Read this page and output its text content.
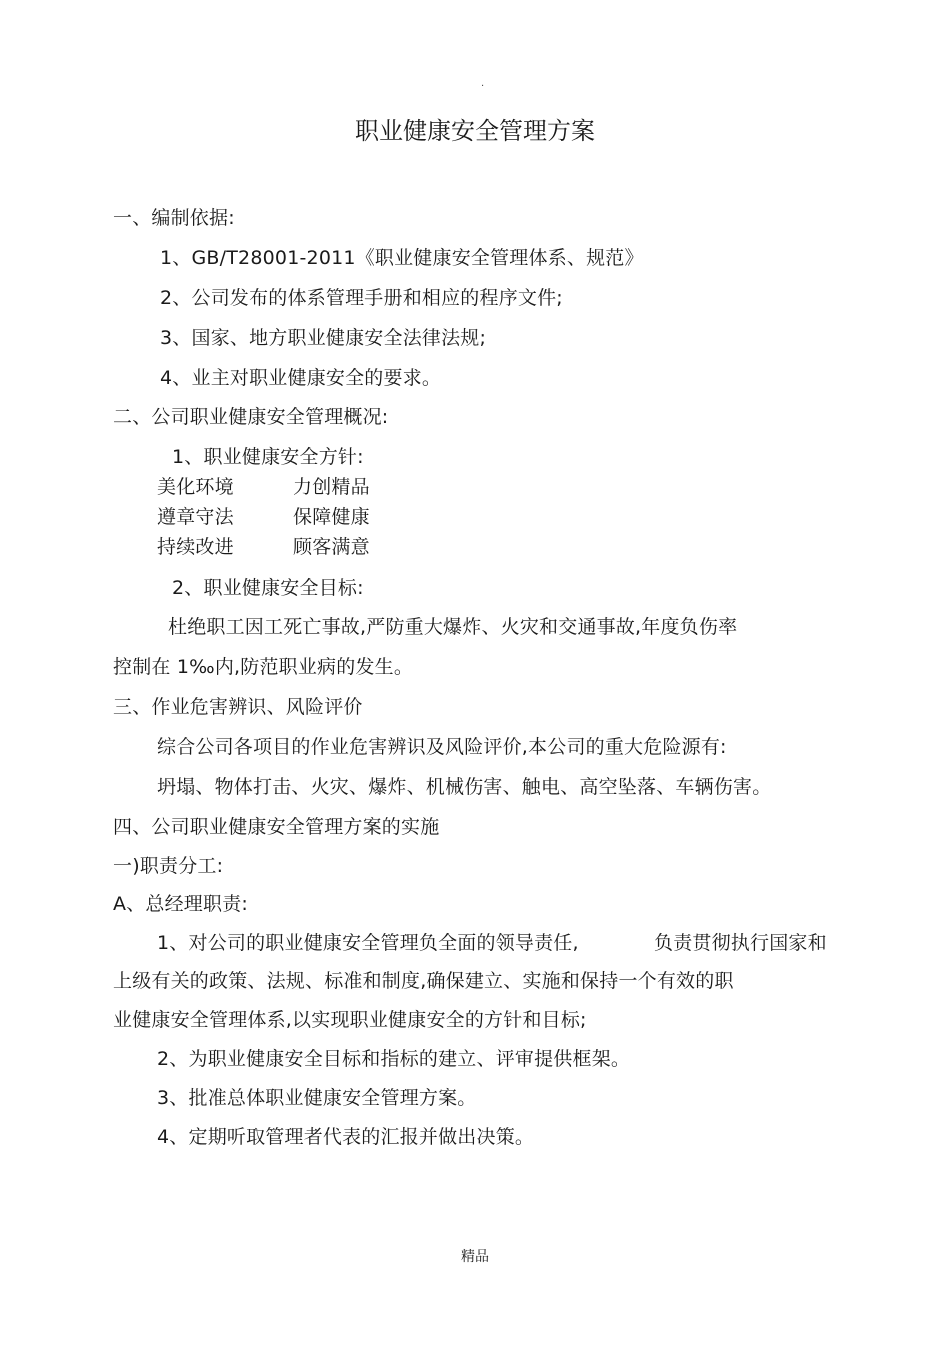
.
职业健康安全管理方案
一、编制依据:
1、GB/T28001-2011《职业健康安全管理体系、规范》
2、公司发布的体系管理手册和相应的程序文件;
3、国家、地方职业健康安全法律法规;
4、业主对职业健康安全的要求。
二、公司职业健康安全管理概况:
1、职业健康安全方针:
美化环境	力创精品
遵章守法	保障健康
持续改进	顾客满意
2、职业健康安全目标:
杜绝职工因工死亡事故,严防重大爆炸、火灾和交通事故,年度负伤率
控制在 1‰内,防范职业病的发生。
三、作业危害辨识、风险评价
综合公司各项目的作业危害辨识及风险评价,本公司的重大危险源有:
坍塌、物体打击、火灾、爆炸、机械伤害、触电、高空坠落、车辆伤害。
四、公司职业健康安全管理方案的实施
一)职责分工:
A、总经理职责:
1、对公司的职业健康安全管理负全面的领导责任,	负责贯彻执行国家和
上级有关的政策、法规、标准和制度,确保建立、实施和保持一个有效的职
业健康安全管理体系,以实现职业健康安全的方针和目标;
2、为职业健康安全目标和指标的建立、评审提供框架。
3、批准总体职业健康安全管理方案。
4、定期听取管理者代表的汇报并做出决策。
精品
